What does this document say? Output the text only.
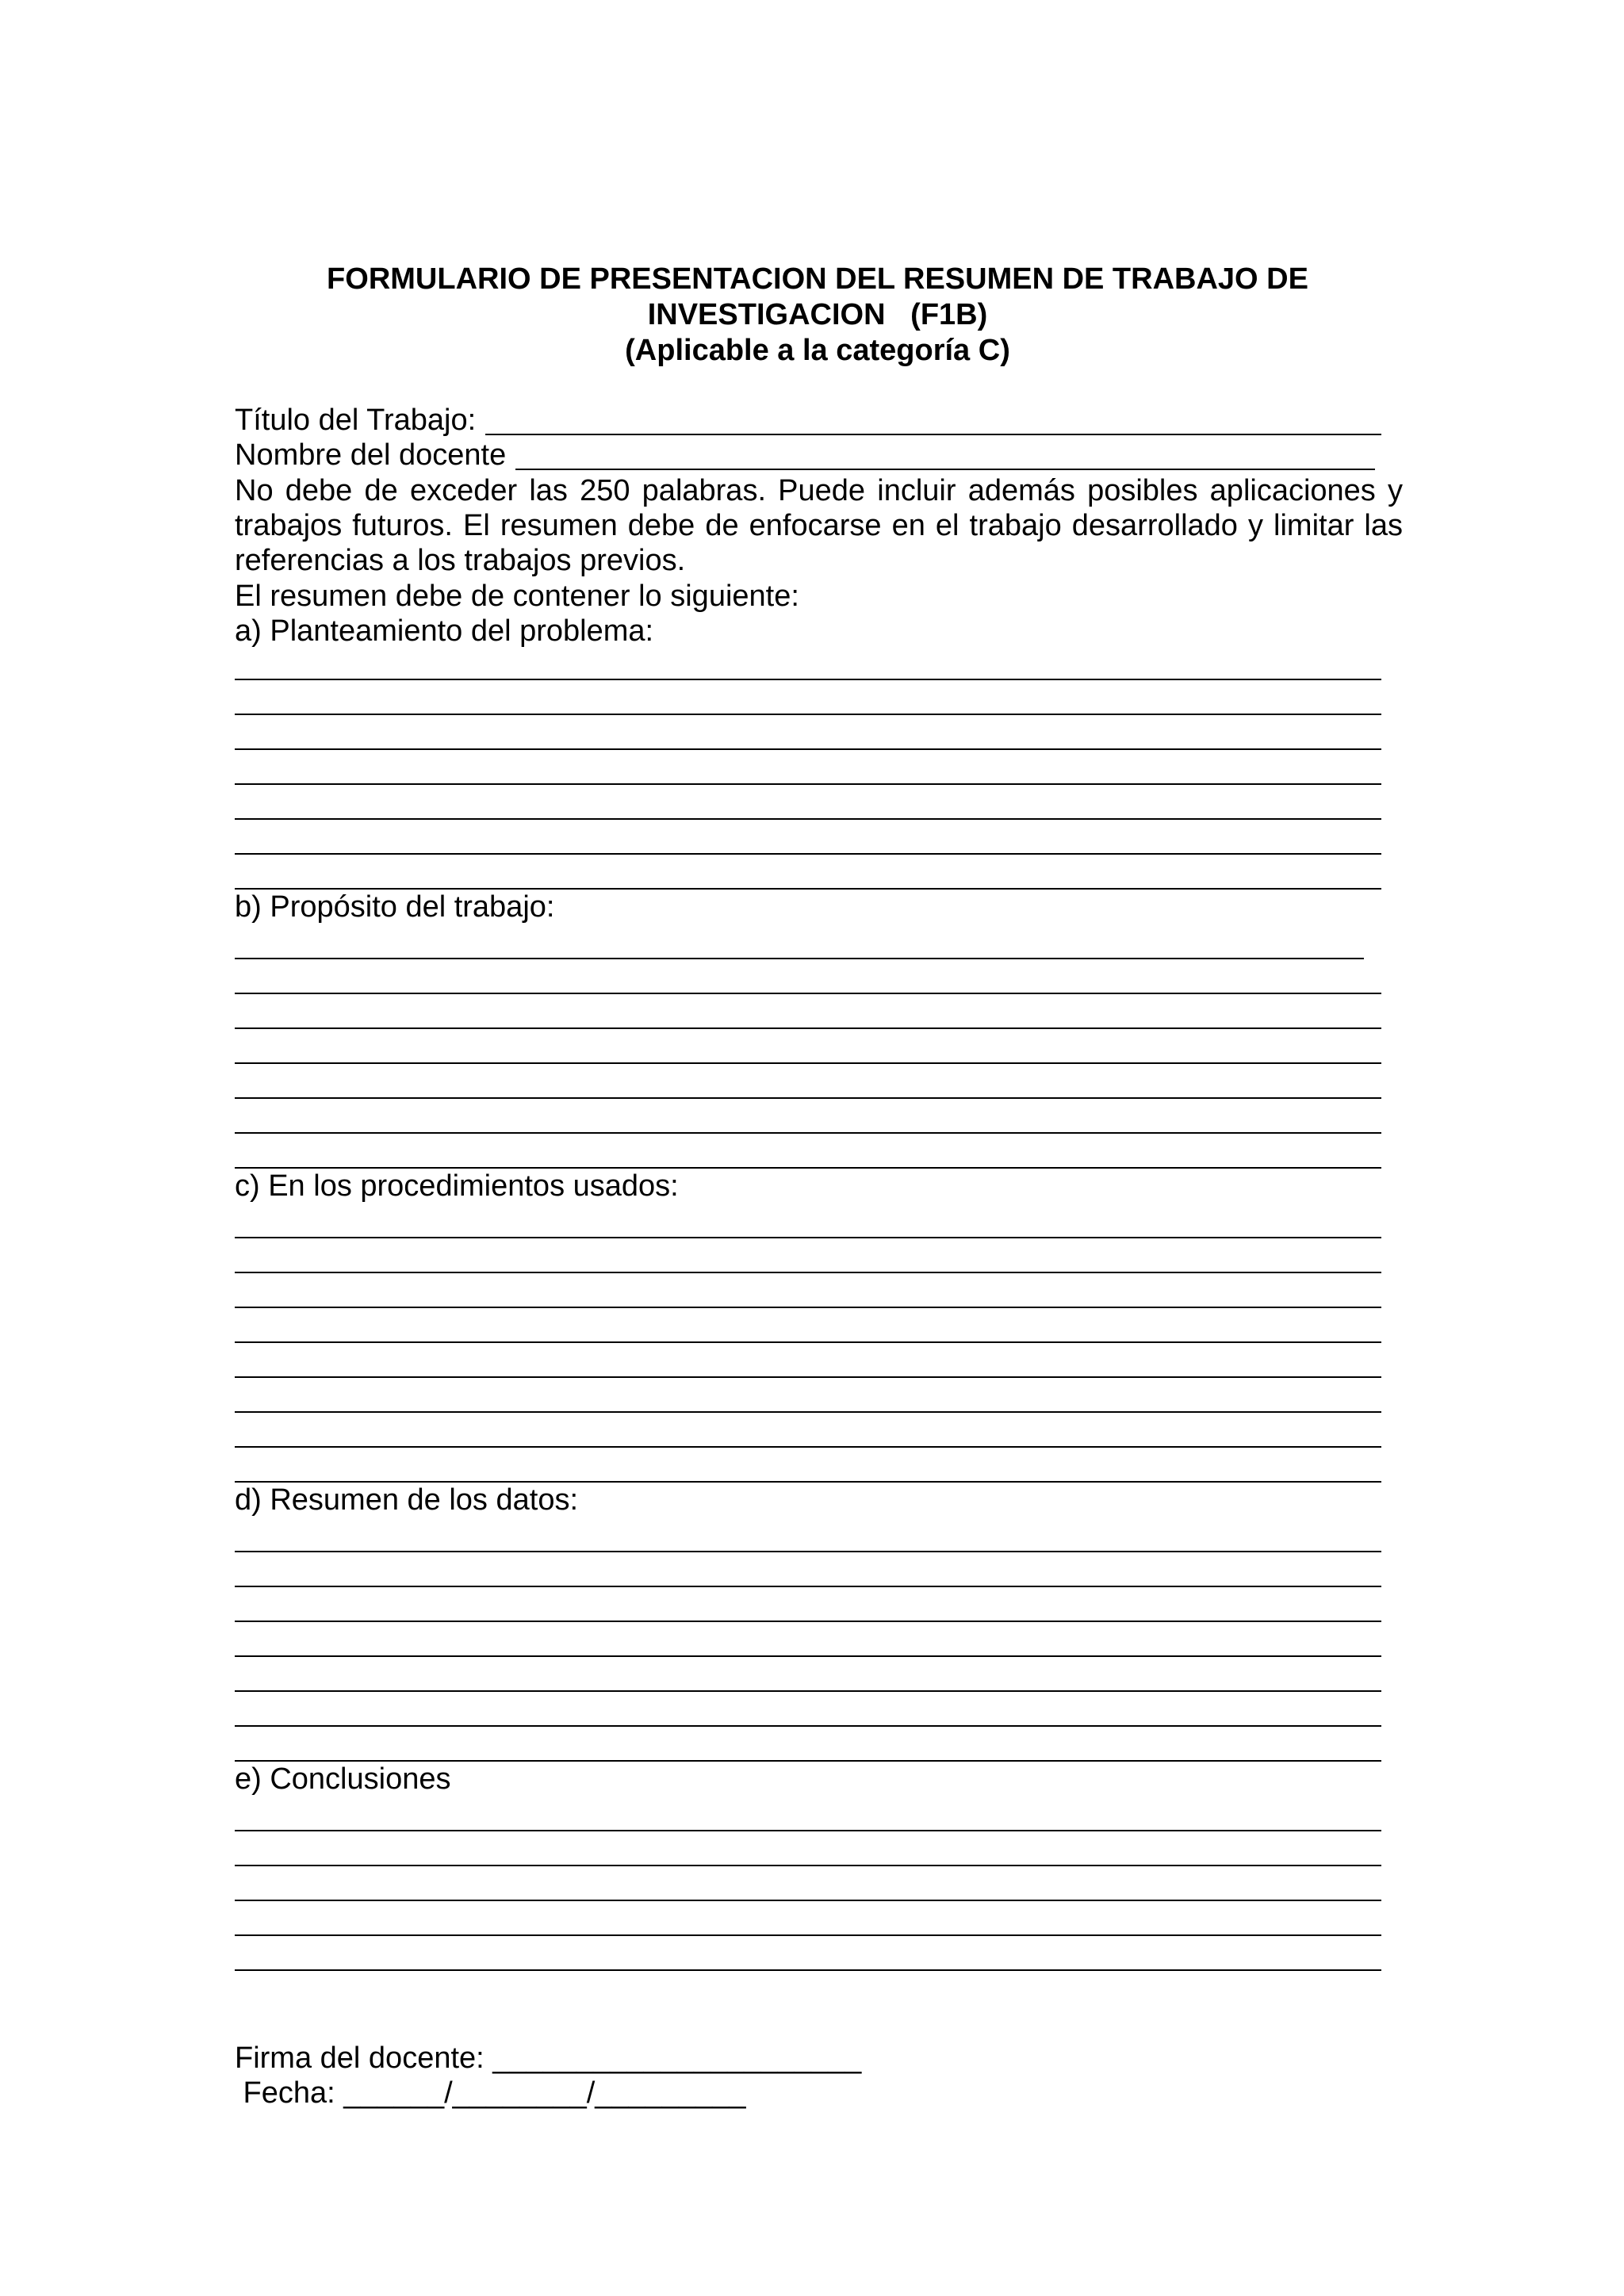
FORMULARIO DE PRESENTACION DEL RESUMEN DE TRABAJO DE
INVESTIGACION   (F1B)
(Aplicable a la categoría C)
Título del Trabajo:
Nombre del docente
No debe de exceder las 250 palabras. Puede incluir además posibles aplicaciones y trabajos futuros. El resumen debe de enfocarse en el trabajo desarrollado y limitar las referencias a los trabajos previos.
El resumen debe de contener lo siguiente:
a) Planteamiento del problema:
b) Propósito del trabajo:
c) En los procedimientos usados:
d) Resumen de los datos:
e) Conclusiones
Firma del docente: ______________________
Fecha: ______/________/_________
